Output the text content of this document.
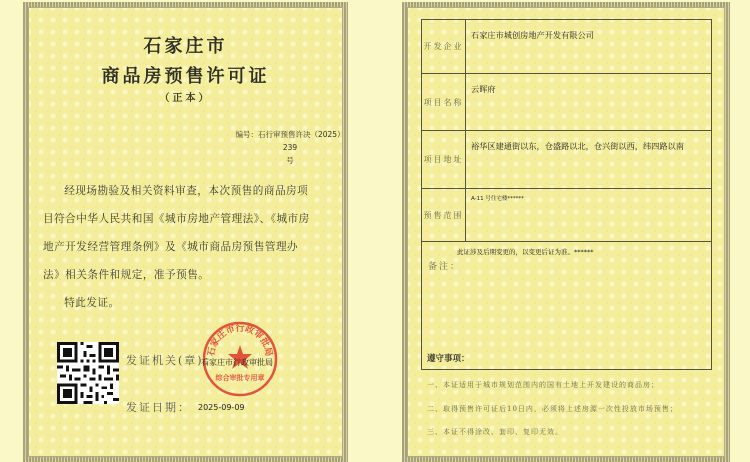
石家庄市
商品房预售许可证
（正本）
编号：石行审预售许决（2025）239
号

经现场勘验及相关资料审查，本次预售的商品房项目符合中华人民共和国《城市房地产管理法》、《城市房地产开发经营管理条例》及《城市商品房预售管理办法》相关条件和规定，准予预售。

特此发证。

发证机关(章)：
石家庄市行政审批局
石家庄市行政审批局
综合审批专用章
发证日期： 2025-09-09
开发企业	石家庄市城创房地产开发有限公司
项目名称	云晖府
项目地址	裕华区建通街以东，仓盛路以北，仓兴街以西，纬四路以南
预售范围	A-11 号住宅楼******

此证涉及后期变更的，以变更后证为准。******
备注：	
遵守事项：
一、本证适用于城市规划范围内的国有土地上开发建设的商品房；
二、取得预售许可证后10日内，必须将上述房源一次性投放市场预售；
三、本证不得涂改、套印、复印无效。
